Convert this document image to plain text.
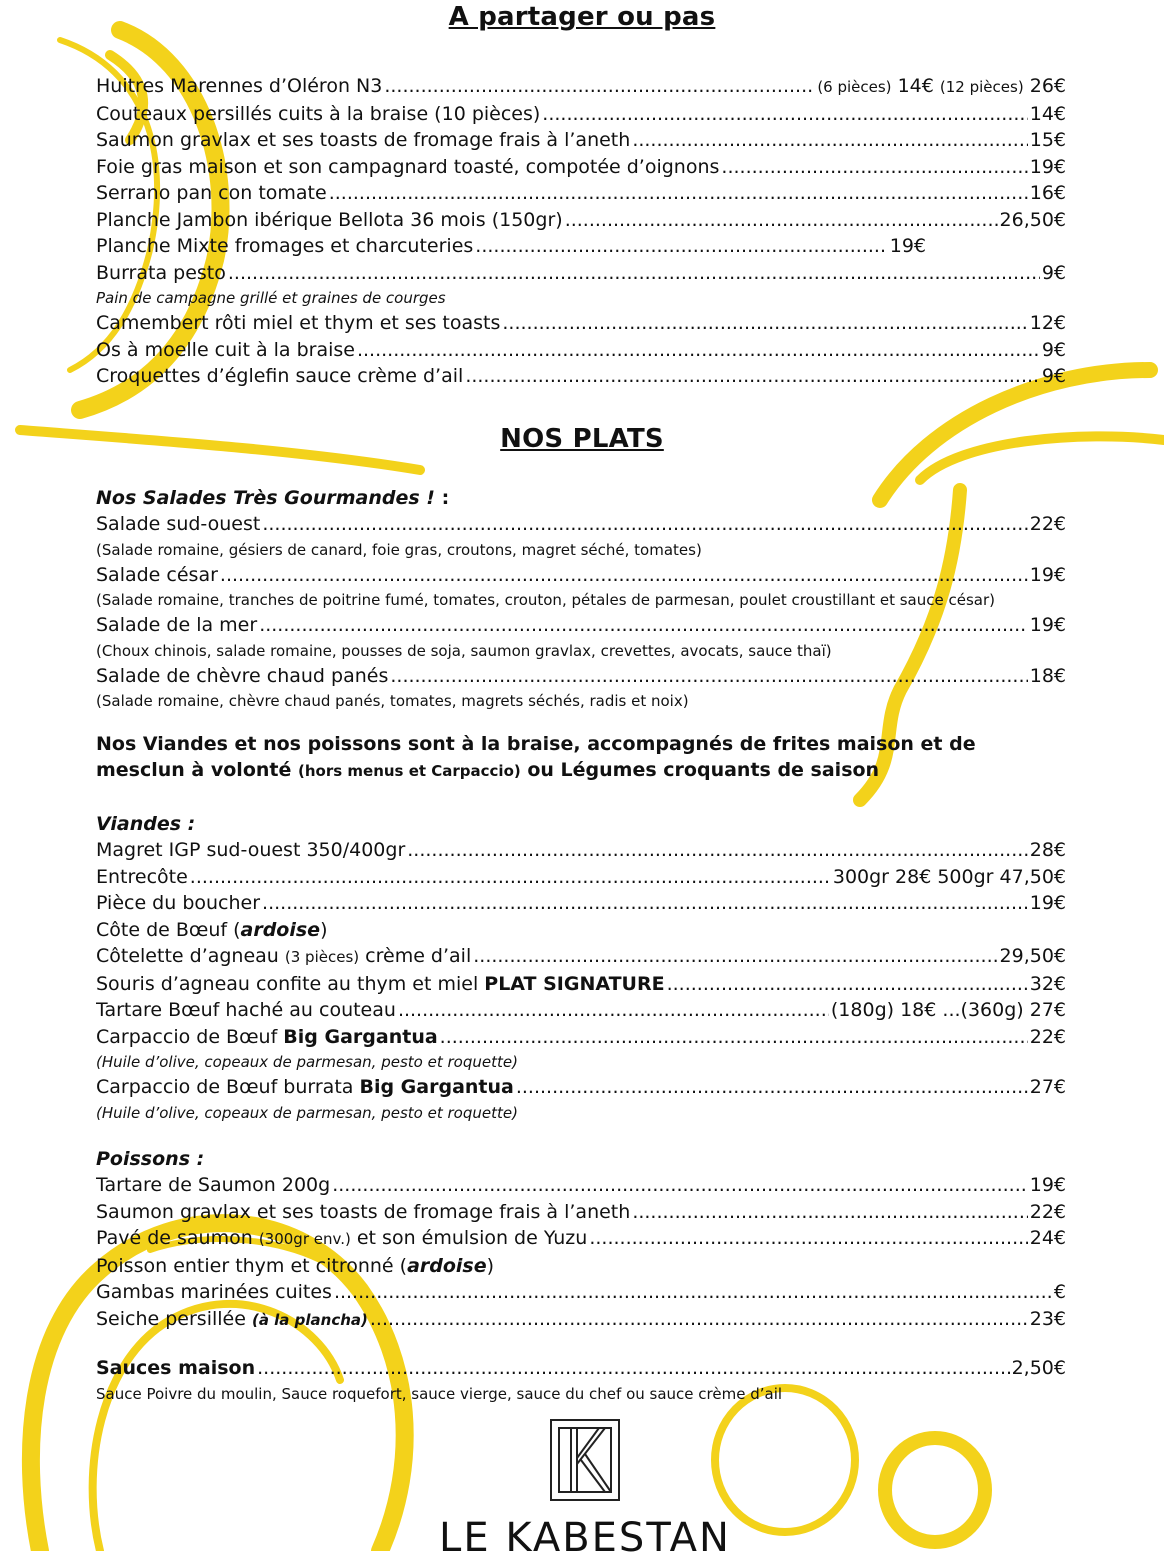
A partager ou pas
Huitres Marennes d’Oléron N3 .....	(6 pièces) 14€ (12 pièces) 26€
Couteaux persillés cuits à la braise (10 pièces) .....	14€
Saumon gravlax et ses toasts de fromage frais à l’aneth .....	15€
Foie gras maison et son campagnard toasté, compotée d’oignons .....	19€
Serrano pan con tomate .....	16€
Planche Jambon ibérique Bellota 36 mois (150gr) .....	26,50€
Planche Mixte fromages et charcuteries .....	19€
Burrata pesto .....	9€
Pain de campagne grillé et graines de courges
Camembert rôti miel et thym et ses toasts .....	12€
Os à moelle cuit à la braise .....	9€
Croquettes d’églefin sauce crème d’ail .....	9€
NOS PLATS
Nos Salades Très Gourmandes ! :
Salade sud-ouest .....	22€
(Salade romaine, gésiers de canard, foie gras, croutons, magret séché, tomates)
Salade césar .....	19€
(Salade romaine, tranches de poitrine fumé, tomates, crouton, pétales de parmesan, poulet croustillant et sauce césar)
Salade de la mer .....	19€
(Choux chinois, salade romaine, pousses de soja, saumon gravlax, crevettes, avocats, sauce thaï)
Salade de chèvre chaud panés .....	18€
(Salade romaine, chèvre chaud panés, tomates, magrets séchés, radis et noix)
Nos Viandes et nos poissons sont à la braise, accompagnés de frites maison et de
mesclun à volonté (hors menus et Carpaccio) ou Légumes croquants de saison
Viandes :
Magret IGP sud-ouest 350/400gr .....	28€
Entrecôte .....	300gr 28€ 500gr 47,50€
Pièce du boucher .....	19€
Côte de Bœuf (ardoise)
Côtelette d’agneau (3 pièces) crème d’ail .....	29,50€
Souris d’agneau confite au thym et miel PLAT SIGNATURE .....	32€
Tartare Bœuf haché au couteau .....	(180g) 18€ ...(360g) 27€
Carpaccio de Bœuf Big Gargantua .....	22€
(Huile d’olive, copeaux de parmesan, pesto et roquette)
Carpaccio de Bœuf burrata Big Gargantua .....	27€
(Huile d’olive, copeaux de parmesan, pesto et roquette)
Poissons :
Tartare de Saumon 200g .....	19€
Saumon gravlax et ses toasts de fromage frais à l’aneth .....	22€
Pavé de saumon (300gr env.) et son émulsion de Yuzu .....	24€
Poisson entier thym et citronné (ardoise)
Gambas marinées cuites .....	€
Seiche persillée (à la plancha) .....	23€
Sauces maison .....	2,50€
Sauce Poivre du moulin, Sauce roquefort, sauce vierge, sauce du chef ou sauce crème d’ail
LE KABESTAN
